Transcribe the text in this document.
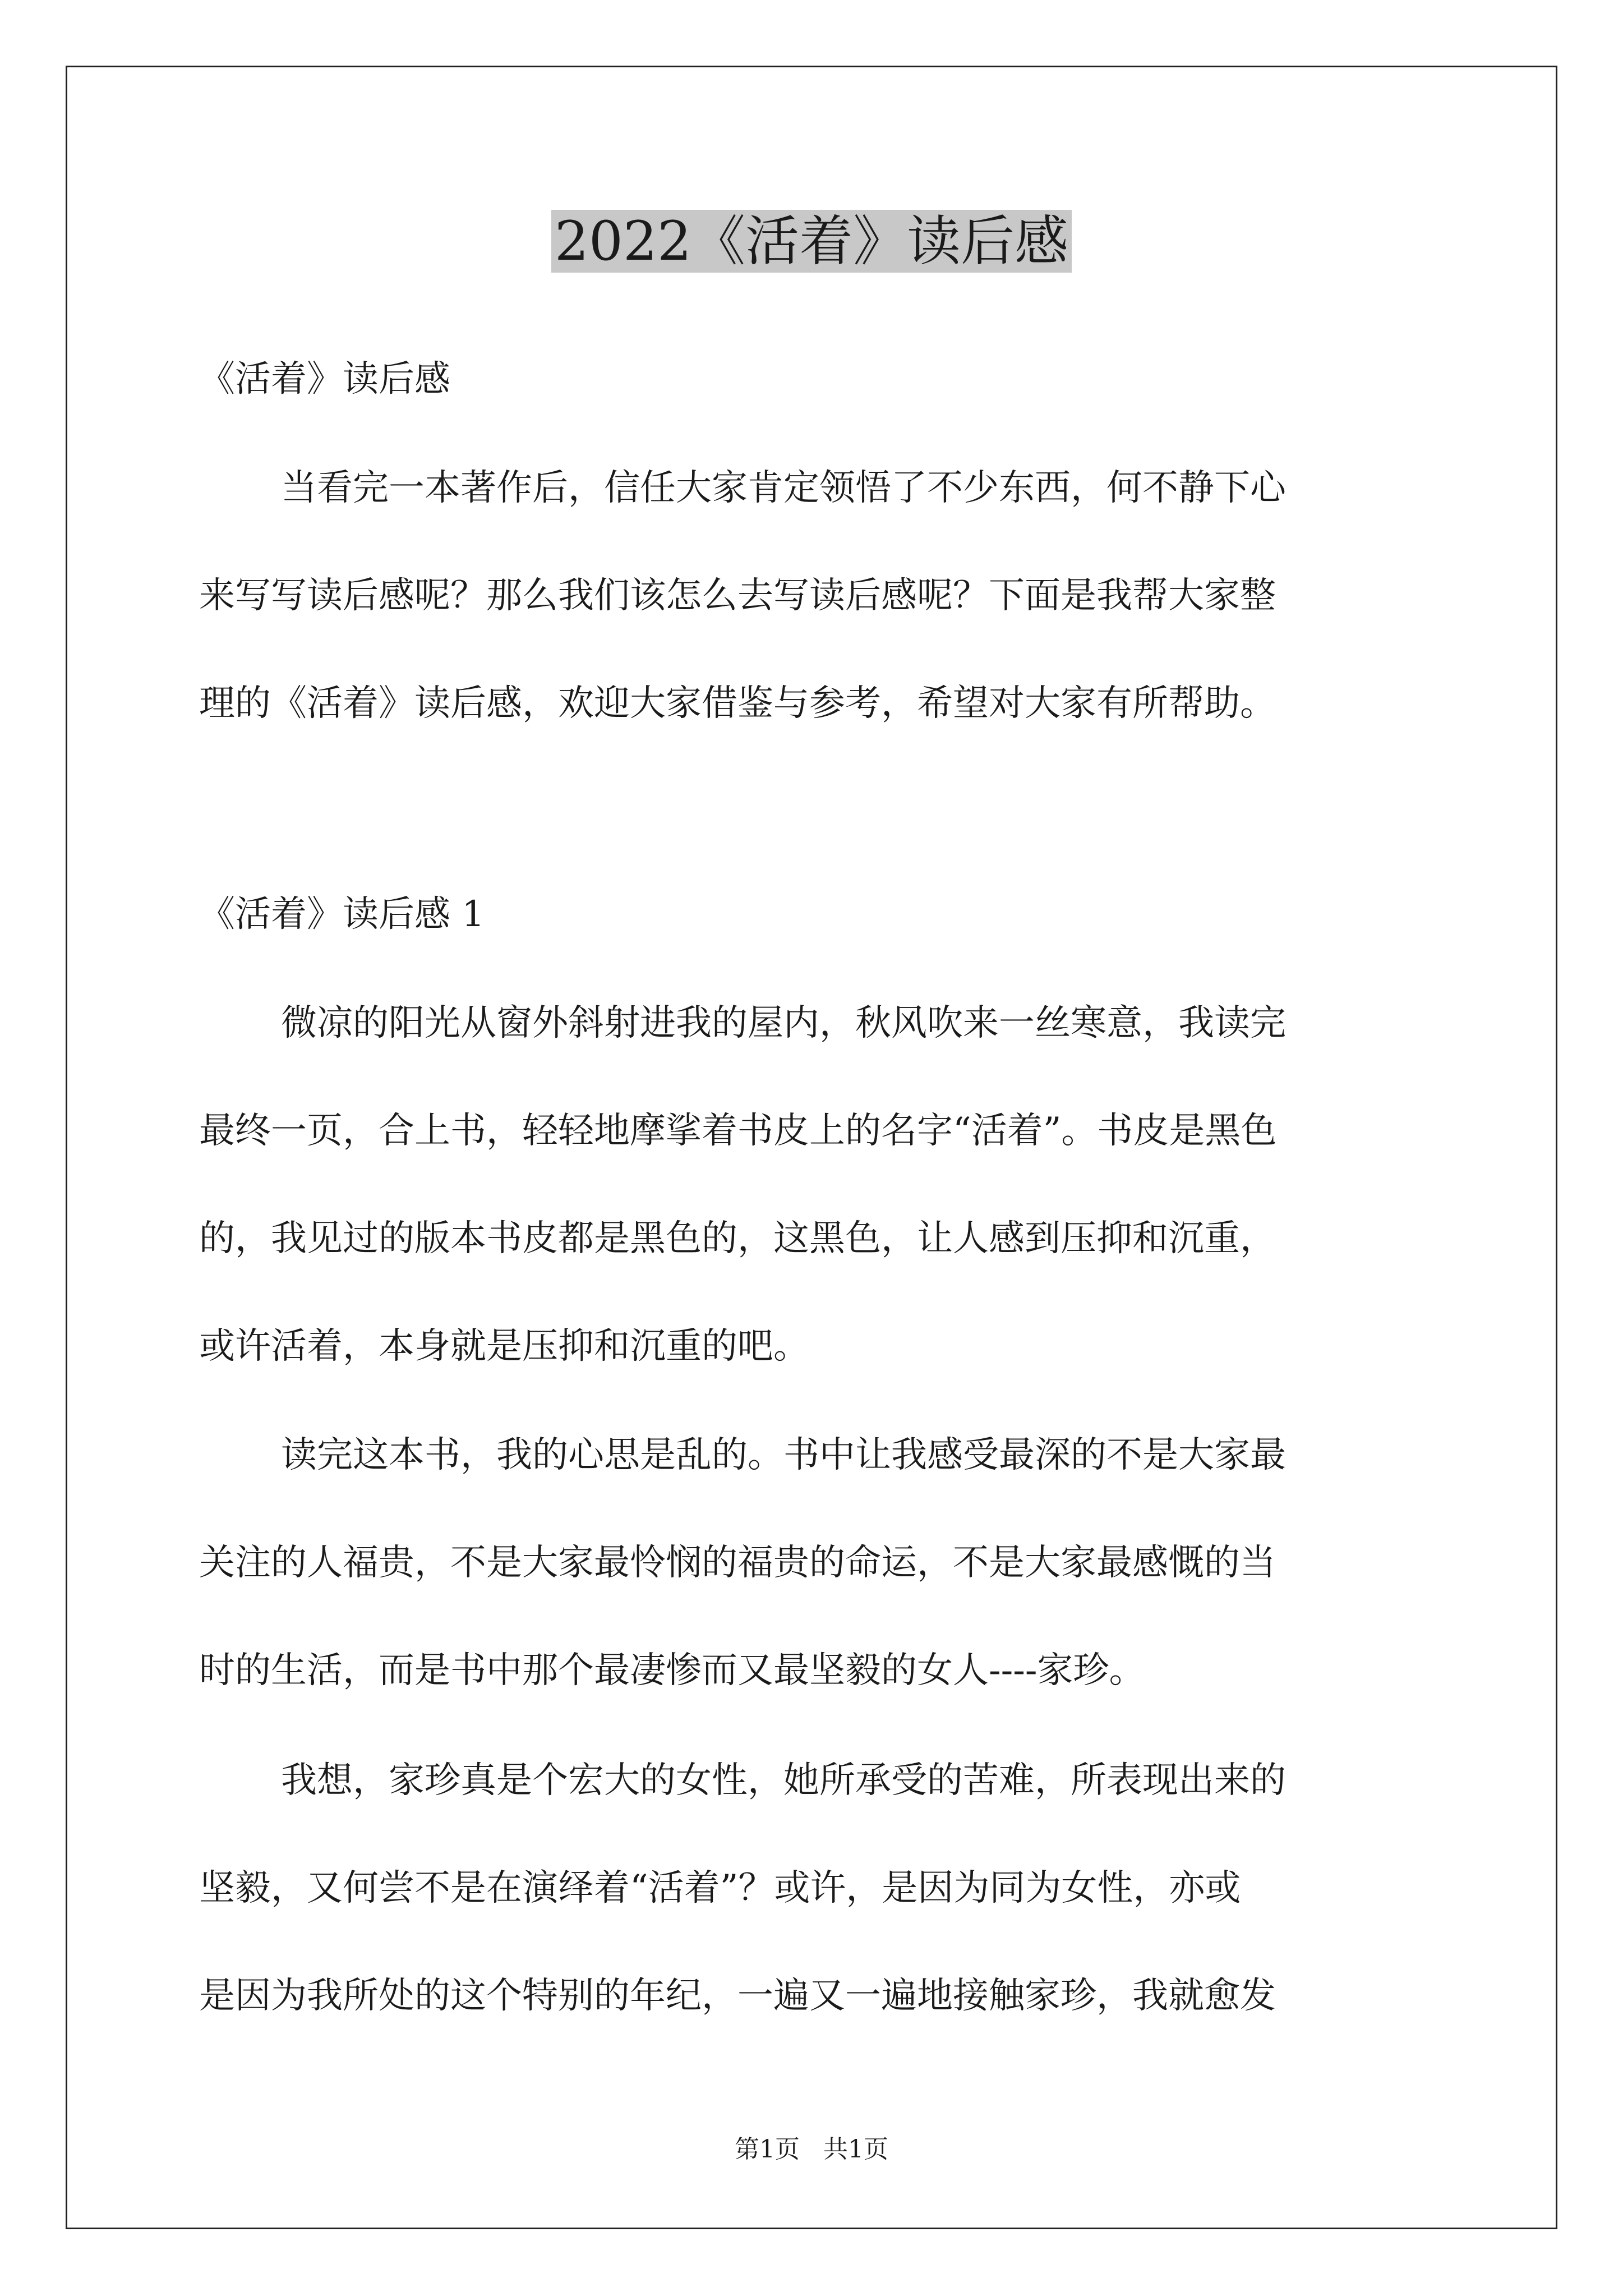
2022《活着》读后感

《活着》读后感

当看完一本著作后，信任大家肯定领悟了不少东西，何不静下心
来写写读后感呢？那么我们该怎么去写读后感呢？下面是我帮大家整
理的《活着》读后感，欢迎大家借鉴与参考，希望对大家有所帮助。

《活着》读后感 1

微凉的阳光从窗外斜射进我的屋内，秋风吹来一丝寒意，我读完
最终一页，合上书，轻轻地摩挲着书皮上的名字“活着”。书皮是黑色
的，我见过的版本书皮都是黑色的，这黑色，让人感到压抑和沉重，
或许活着，本身就是压抑和沉重的吧。
读完这本书，我的心思是乱的。书中让我感受最深的不是大家最
关注的人福贵，不是大家最怜悯的福贵的命运，不是大家最感慨的当
时的生活，而是书中那个最凄惨而又最坚毅的女人----家珍。
我想，家珍真是个宏大的女性，她所承受的苦难，所表现出来的
坚毅，又何尝不是在演绎着“活着”？或许，是因为同为女性，亦或
是因为我所处的这个特别的年纪，一遍又一遍地接触家珍，我就愈发
第1页   共1页
